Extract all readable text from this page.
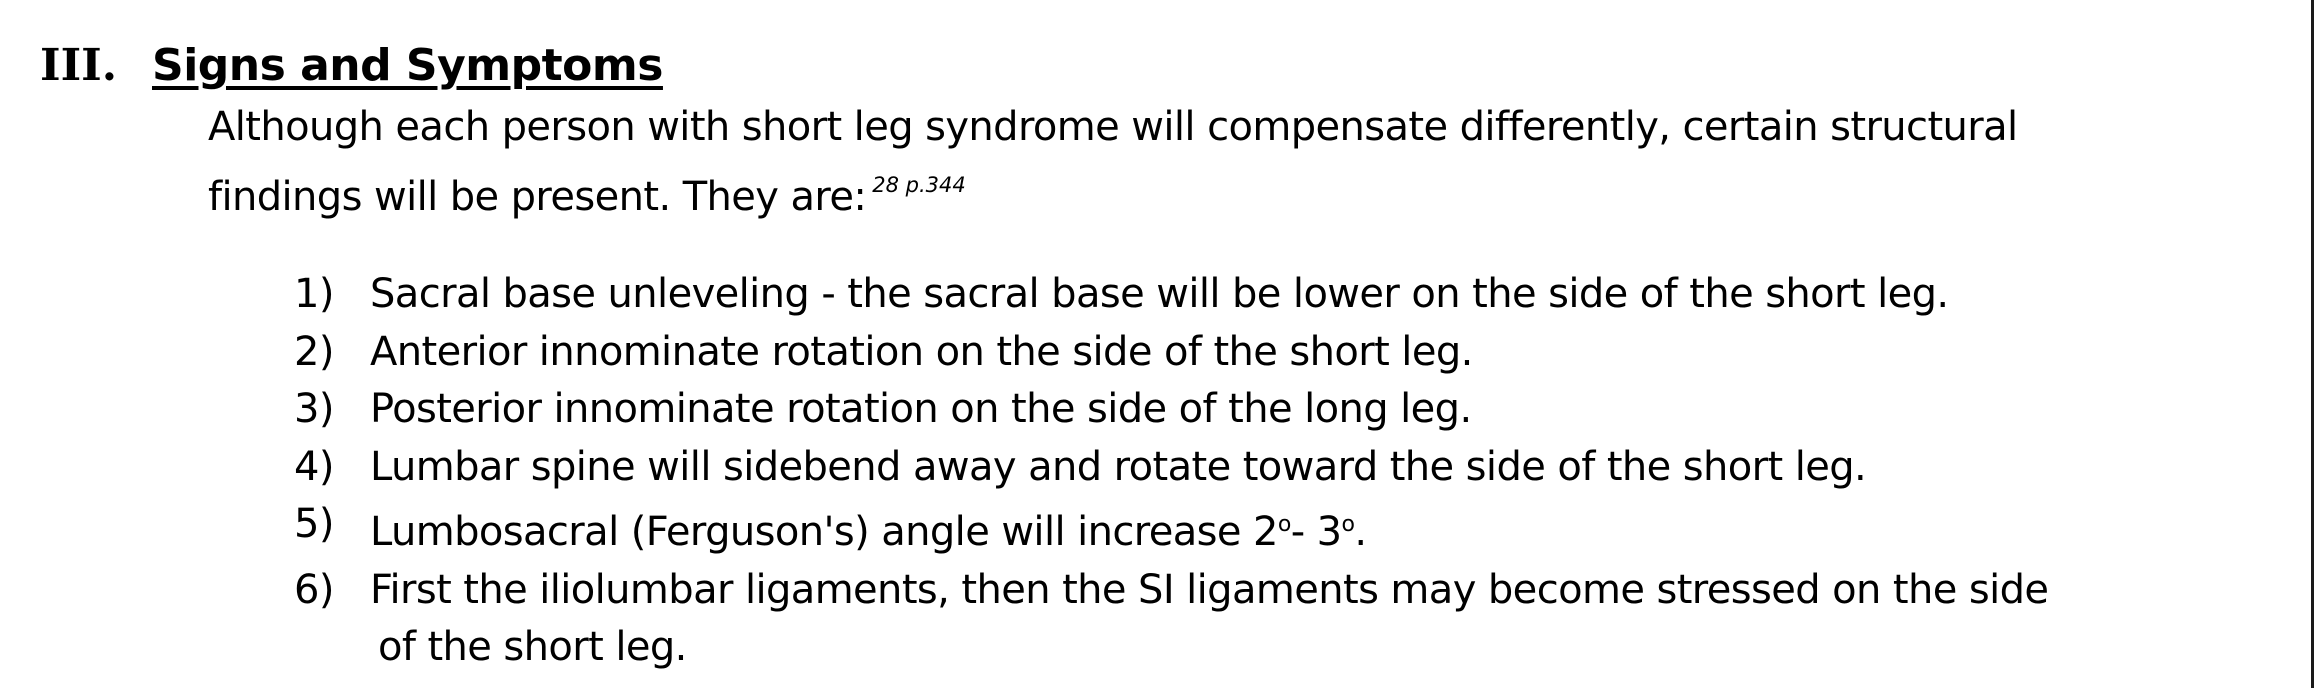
III. Signs and Symptoms
Although each person with short leg syndrome will compensate differently, certain structural
findings will be present. They are: $^{28 p.344}$
1) Sacral base unleveling - the sacral base will be lower on the side of the short leg.
2) Anterior innominate rotation on the side of the short leg.
3) Posterior innominate rotation on the side of the long leg.
4) Lumbar spine will sidebend away and rotate toward the side of the short leg.
5) Lumbosacral (Ferguson's) angle will increase 2$^o$- 3$^o$.
6) First the iliolumbar ligaments, then the SI ligaments may become stressed on the side
of the short leg.
